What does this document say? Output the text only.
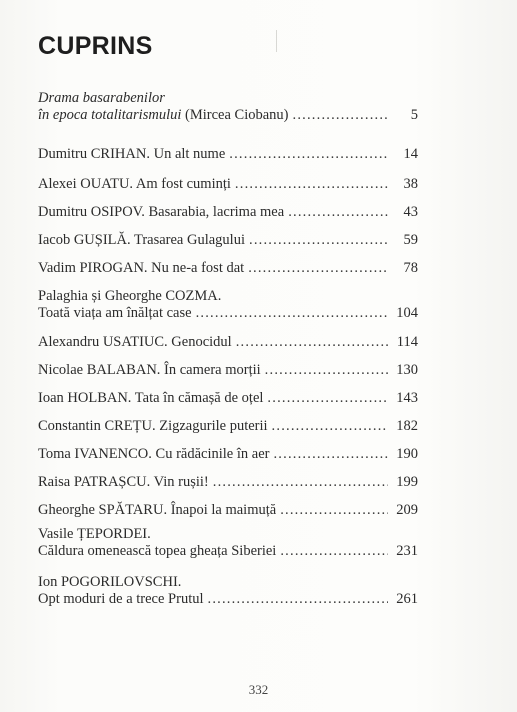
CUPRINS
Drama basarabenilor
în epoca totalitarismului (Mircea Ciobanu) .....	5
Dumitru CRIHAN. Un alt nume .....	14
Alexei OUATU. Am fost cuminți .....	38
Dumitru OSIPOV. Basarabia, lacrima mea .....	43
Iacob GUȘILĂ. Trasarea Gulagului .....	59
Vadim PIROGAN. Nu ne-a fost dat .....	78
Palaghia și Gheorghe COZMA.
Toată viața am înălțat case .....	104
Alexandru USATIUC. Genocidul .....	114
Nicolae BALABAN. În camera morții .....	130
Ioan HOLBAN. Tata în cămașă de oțel .....	143
Constantin CREȚU. Zigzagurile puterii .....	182
Toma IVANENCO. Cu rădăcinile în aer .....	190
Raisa PATRAȘCU. Vin rușii! .....	199
Gheorghe SPĂTARU. Înapoi la maimuță .....	209
Vasile ȚEPORDEI.
Căldura omenească topea gheața Siberiei .....	231
Ion POGORILOVSCHI.
Opt moduri de a trece Prutul .....	261
332
